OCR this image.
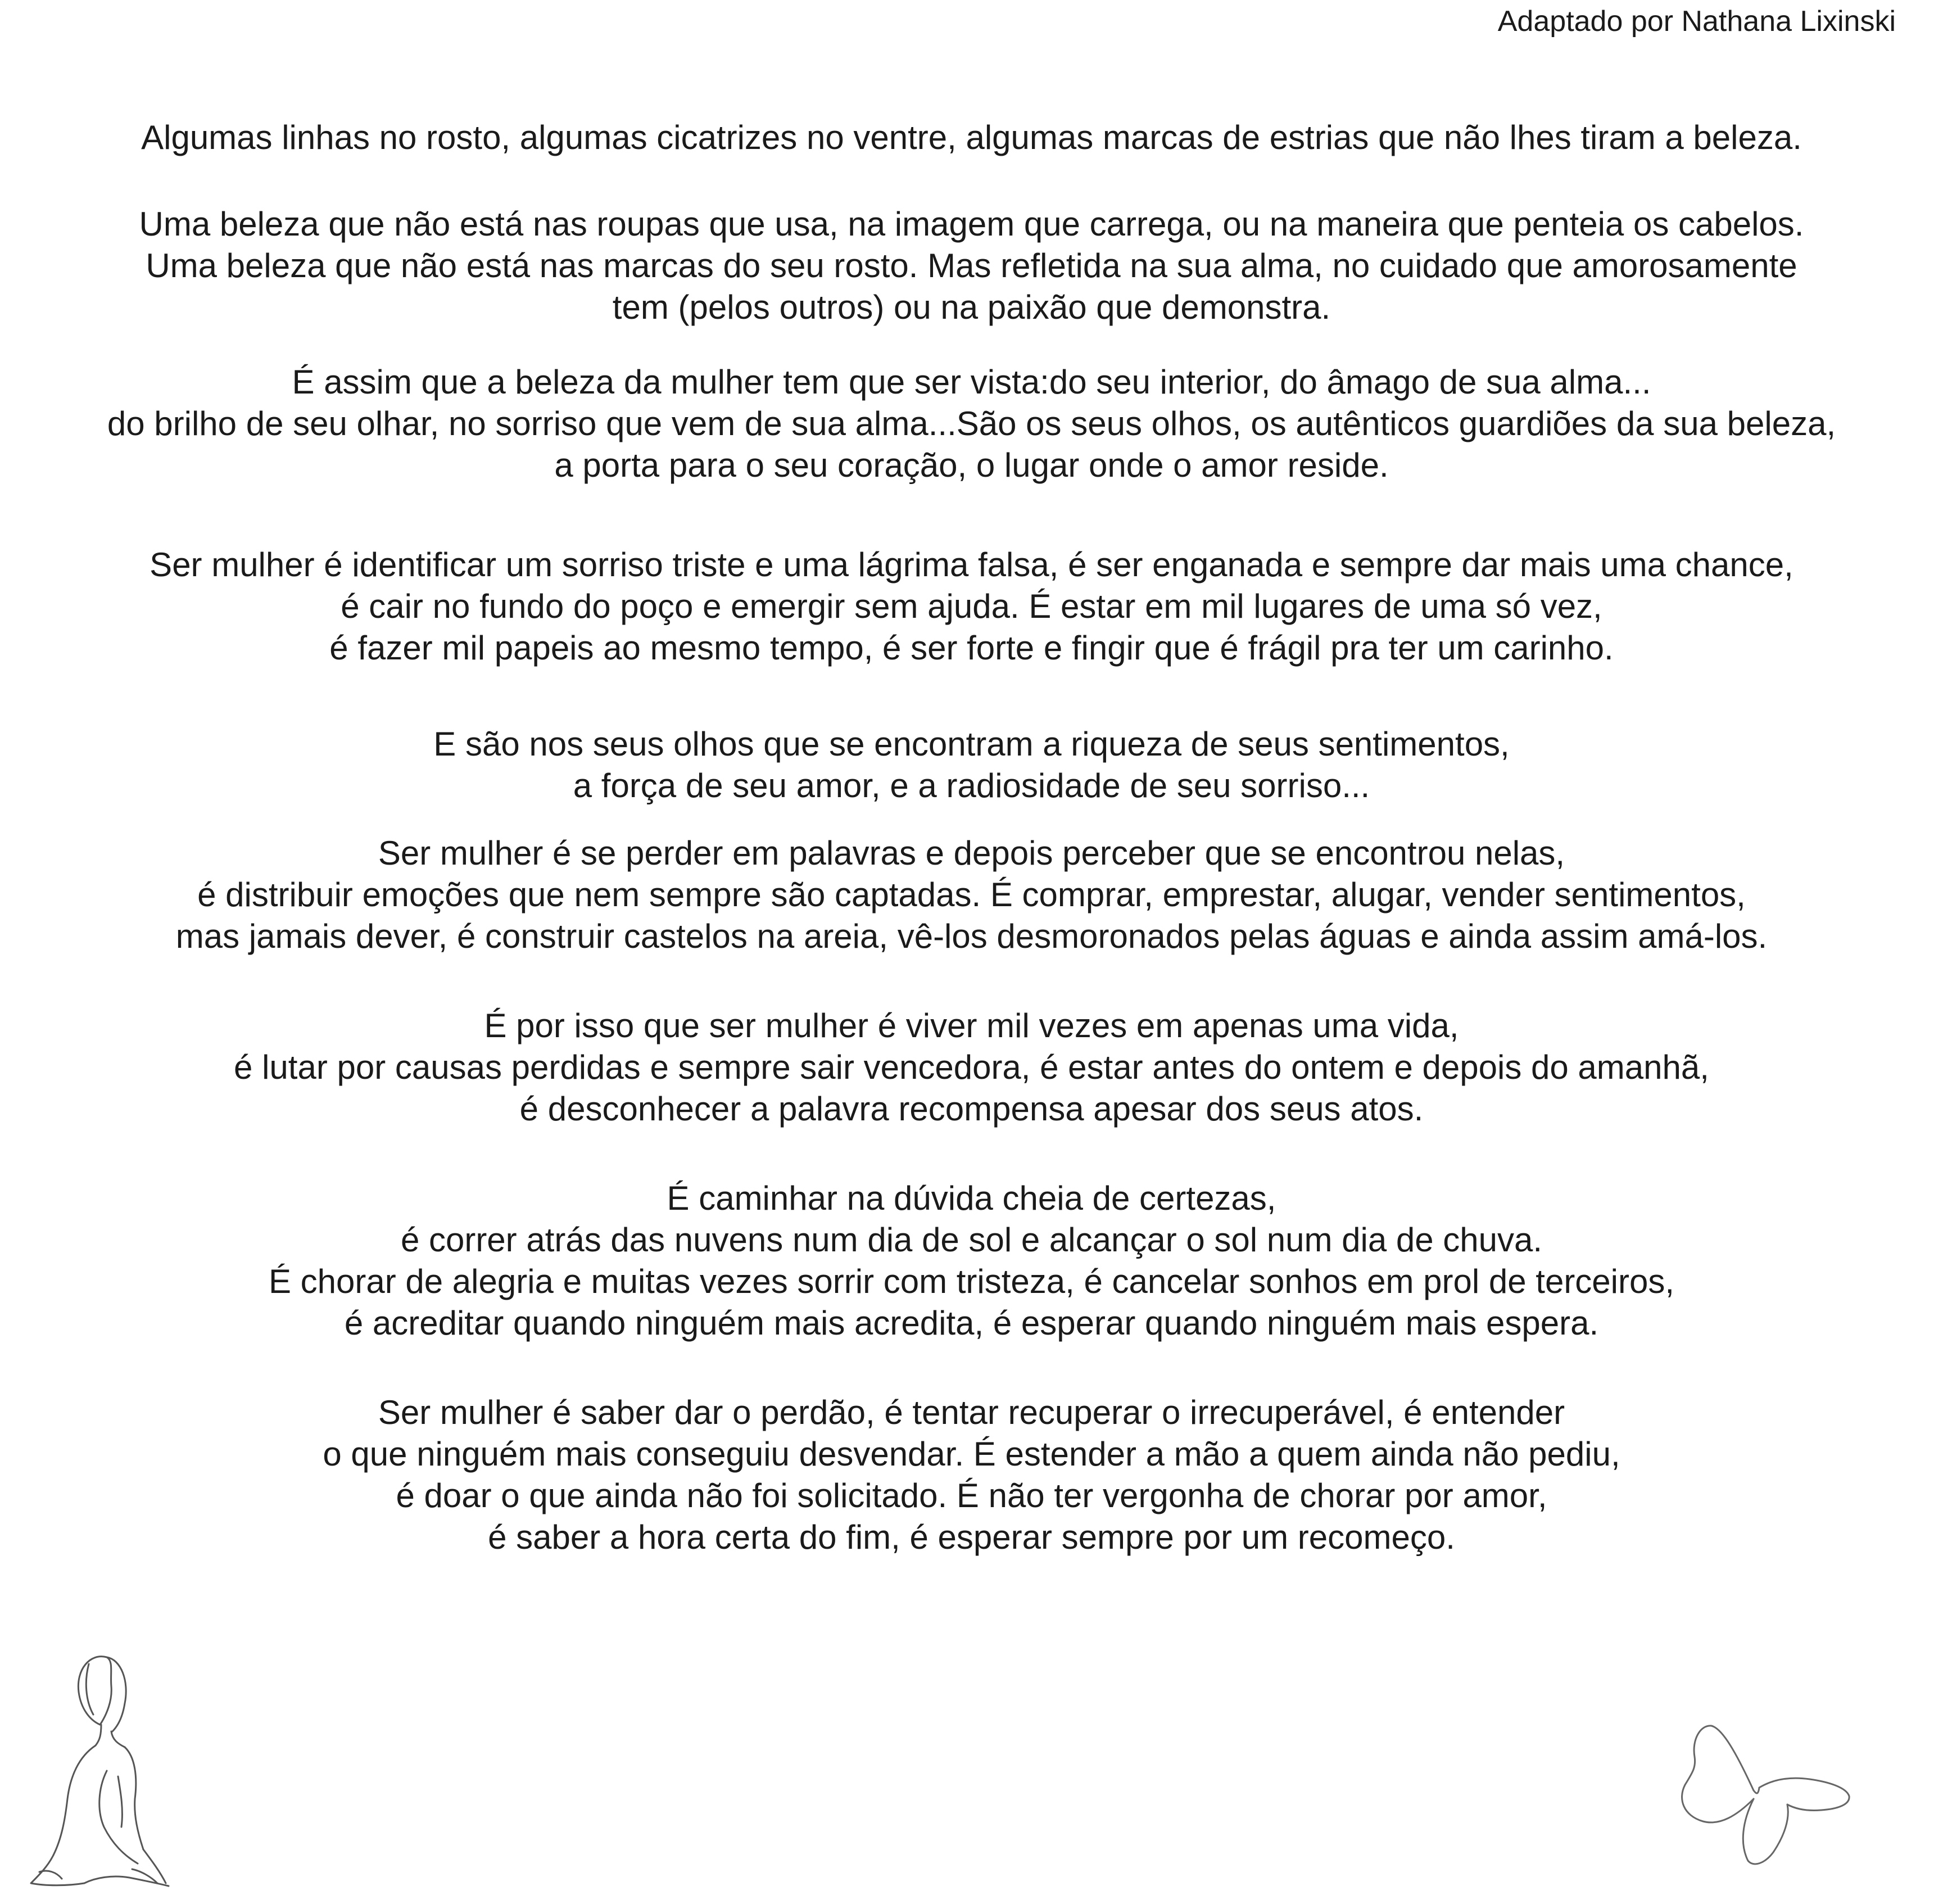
Adaptado por Nathana Lixinski
Algumas linhas no rosto, algumas cicatrizes no ventre, algumas marcas de estrias que não lhes tiram a beleza.
Uma beleza que não está nas roupas que usa, na imagem que carrega, ou na maneira que penteia os cabelos.
Uma beleza que não está nas marcas do seu rosto. Mas refletida na sua alma, no cuidado que amorosamente
tem (pelos outros) ou na paixão que demonstra.
É assim que a beleza da mulher tem que ser vista:do seu interior, do âmago de sua alma...
do brilho de seu olhar, no sorriso que vem de sua alma...São os seus olhos, os autênticos guardiões da sua beleza,
a porta para o seu coração, o lugar onde o amor reside.
Ser mulher é identificar um sorriso triste e uma lágrima falsa, é ser enganada e sempre dar mais uma chance,
é cair no fundo do poço e emergir sem ajuda. É estar em mil lugares de uma só vez,
é fazer mil papeis ao mesmo tempo, é ser forte e fingir que é frágil pra ter um carinho.
E são nos seus olhos que se encontram a riqueza de seus sentimentos,
a força de seu amor, e a radiosidade de seu sorriso...
Ser mulher é se perder em palavras e depois perceber que se encontrou nelas,
é distribuir emoções que nem sempre são captadas. É comprar, emprestar, alugar, vender sentimentos,
mas jamais dever, é construir castelos na areia, vê-los desmoronados pelas águas e ainda assim amá-los.
É por isso que ser mulher é viver mil vezes em apenas uma vida,
é lutar por causas perdidas e sempre sair vencedora, é estar antes do ontem e depois do amanhã,
é desconhecer a palavra recompensa apesar dos seus atos.
É caminhar na dúvida cheia de certezas,
é correr atrás das nuvens num dia de sol e alcançar o sol num dia de chuva.
É chorar de alegria e muitas vezes sorrir com tristeza, é cancelar sonhos em prol de terceiros,
é acreditar quando ninguém mais acredita, é esperar quando ninguém mais espera.
Ser mulher é saber dar o perdão, é tentar recuperar o irrecuperável, é entender
o que ninguém mais conseguiu desvendar. É estender a mão a quem ainda não pediu,
é doar o que ainda não foi solicitado. É não ter vergonha de chorar por amor,
é saber a hora certa do fim, é esperar sempre por um recomeço.
